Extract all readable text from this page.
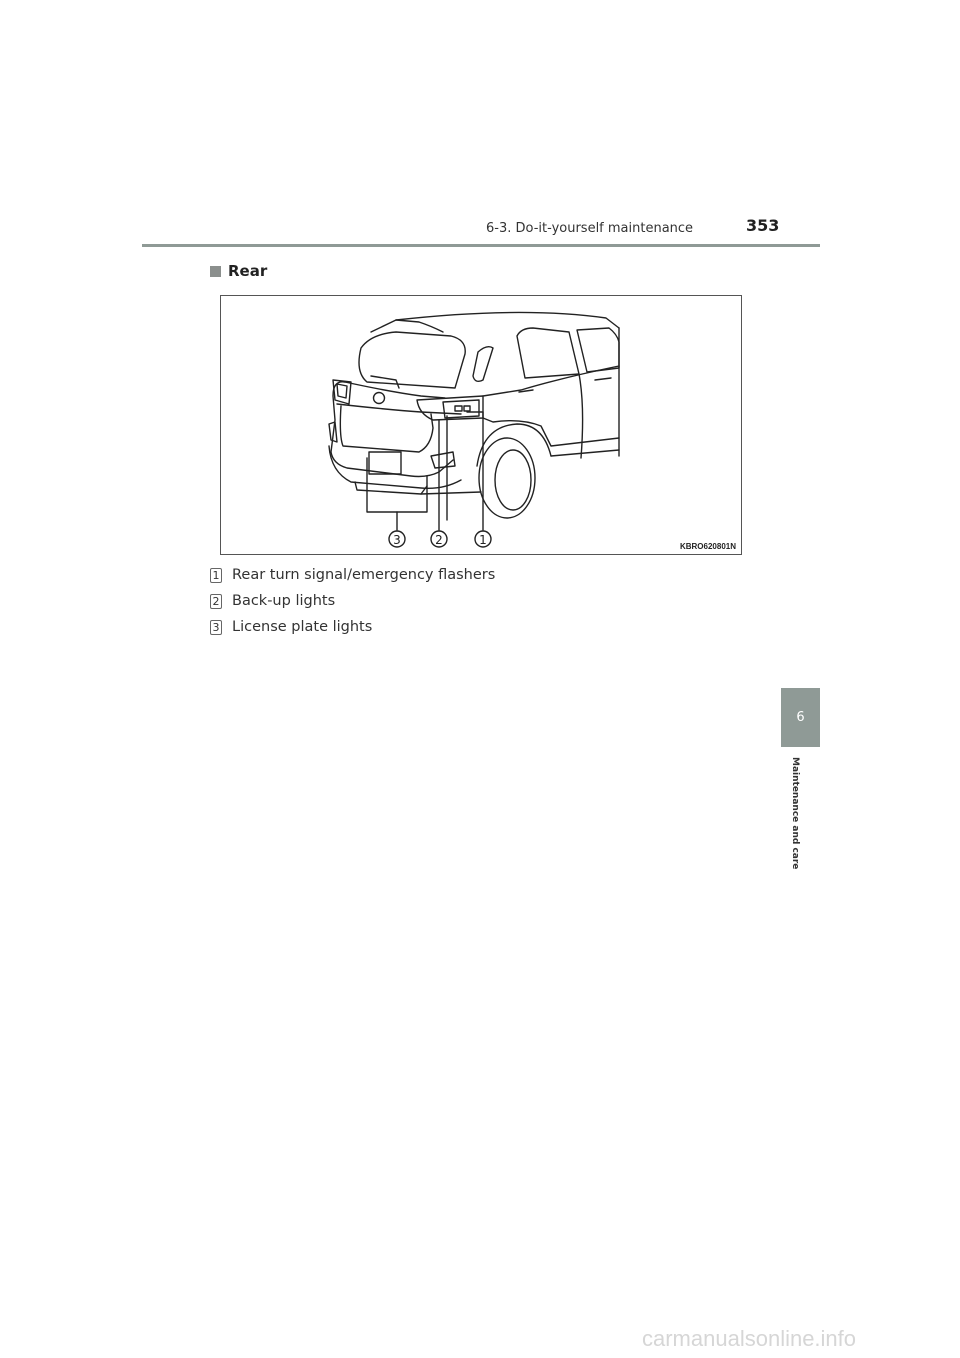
6-3. Do-it-yourself maintenance	353
Rear
3	2	1	KBRO620801N
1 Rear turn signal/emergency flashers
2 Back-up lights
3 License plate lights
6
Maintenance and care
carmanualsonline.info
